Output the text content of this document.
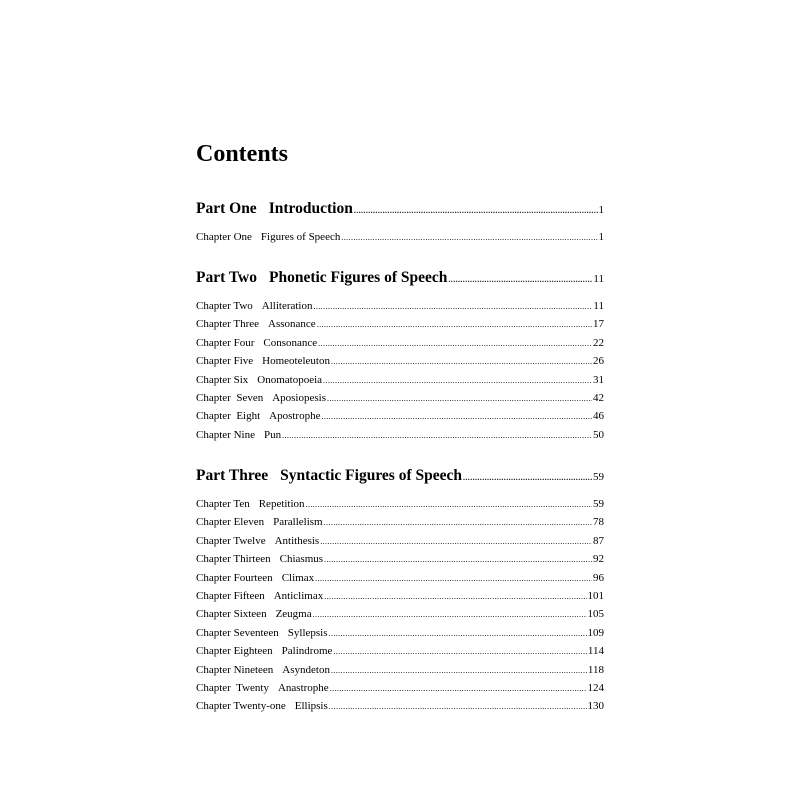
Contents
Part One Introduction .....	1
Chapter One Figures of Speech .....	1
Part Two Phonetic Figures of Speech .....	11
Chapter Two Alliteration .....	11
Chapter Three Assonance .....	17
Chapter Four Consonance .....	22
Chapter Five Homeoteleuton .....	26
Chapter Six Onomatopoeia .....	31
Chapter  Seven Aposiopesis .....	42
Chapter  Eight Apostrophe .....	46
Chapter Nine Pun .....	50
Part Three Syntactic Figures of Speech .....	59
Chapter Ten Repetition .....	59
Chapter Eleven Parallelism .....	78
Chapter Twelve Antithesis .....	87
Chapter Thirteen Chiasmus .....	92
Chapter Fourteen Climax .....	96
Chapter Fifteen Anticlimax .....	101
Chapter Sixteen Zeugma .....	105
Chapter Seventeen Syllepsis .....	109
Chapter Eighteen Palindrome .....	114
Chapter Nineteen Asyndeton .....	118
Chapter  Twenty Anastrophe .....	124
Chapter Twenty-one Ellipsis .....	130
